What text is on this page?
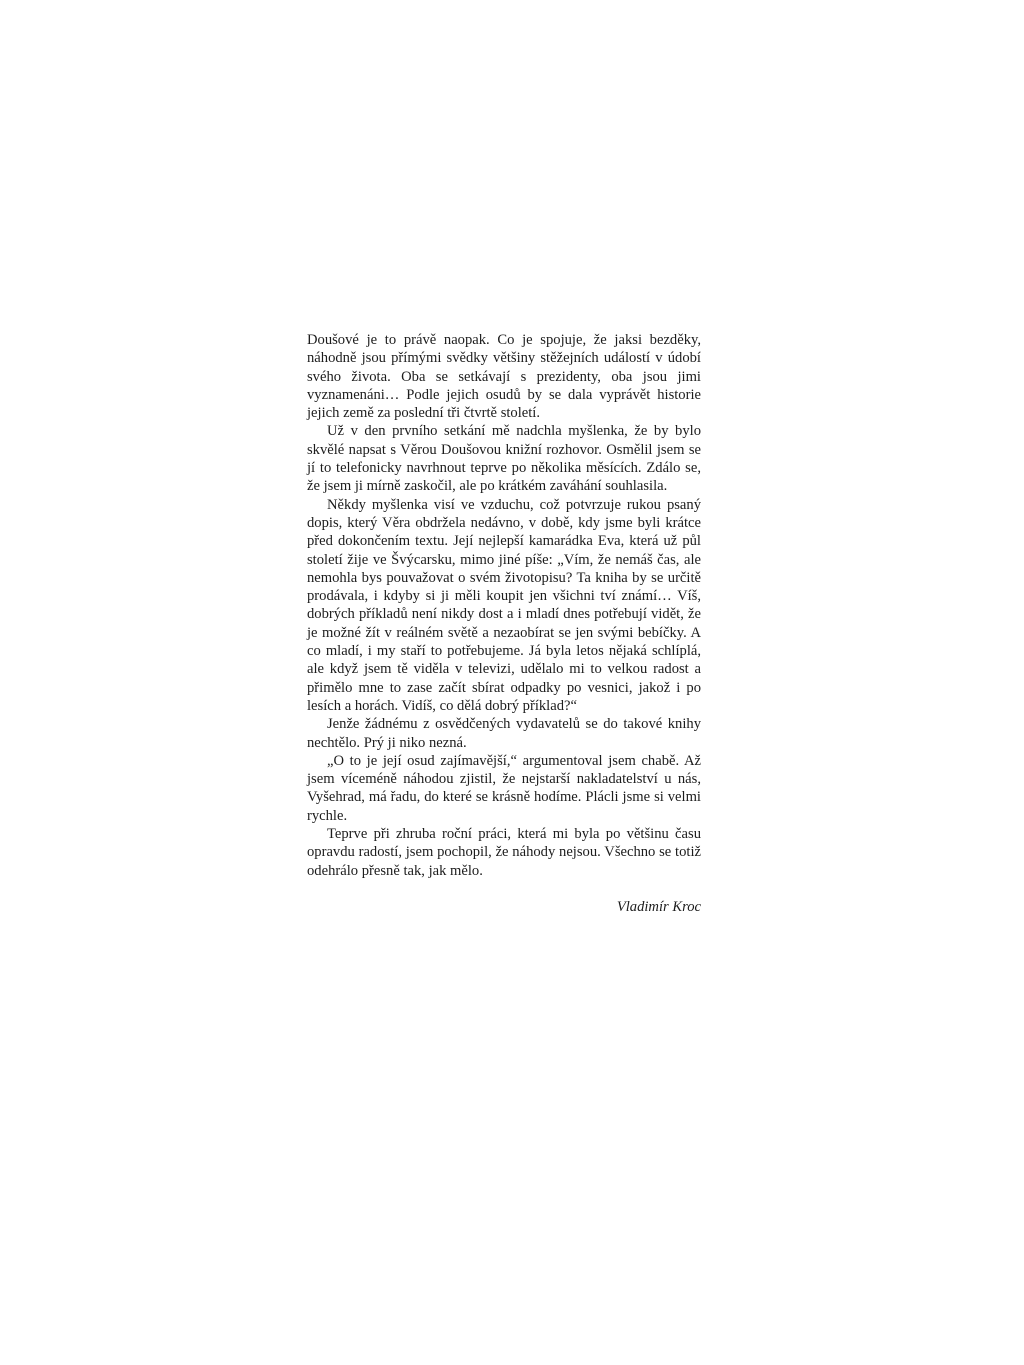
Doušové je to právě naopak. Co je spojuje, že jaksi bezděky, náhodně jsou přímými svědky většiny stěžejních událostí v údobí svého života. Oba se setkávají s prezidenty, oba jsou jimi vyznamenáni… Podle jejich osudů by se dala vyprávět historie jejich země za poslední tři čtvrtě století.

Už v den prvního setkání mě nadchla myšlenka, že by bylo skvělé napsat s Věrou Doušovou knižní rozhovor. Osmělil jsem se jí to telefonicky navrhnout teprve po několika měsících. Zdálo se, že jsem ji mírně zaskočil, ale po krátkém zaváhání souhlasila.

Někdy myšlenka visí ve vzduchu, což potvrzuje rukou psaný dopis, který Věra obdržela nedávno, v době, kdy jsme byli krátce před dokončením textu. Její nejlepší kamarádka Eva, která už půl století žije ve Švýcarsku, mimo jiné píše: „Vím, že nemáš čas, ale nemohla bys pouvažovat o svém životopisu? Ta kniha by se určitě prodávala, i kdyby si ji měli koupit jen všichni tví známí… Víš, dobrých příkladů není nikdy dost a i mladí dnes potřebují vidět, že je možné žít v reálném světě a nezaobírat se jen svými bebíčky. A co mladí, i my staří to potřebujeme. Já byla letos nějaká schlíplá, ale když jsem tě viděla v televizi, udělalo mi to velkou radost a přimělo mne to zase začít sbírat odpadky po vesnici, jakož i po lesích a horách. Vidíš, co dělá dobrý příklad?“

Jenže žádnému z osvědčených vydavatelů se do takové knihy nechtělo. Prý ji niko nezná.

„O to je její osud zajímavější,“ argumentoval jsem chabě. Až jsem víceméně náhodou zjistil, že nejstarší nakladatelství u nás, Vyšehrad, má řadu, do které se krásně hodíme. Plácli jsme si velmi rychle.

Teprve při zhruba roční práci, která mi byla po většinu času opravdu radostí, jsem pochopil, že náhody nejsou. Všechno se totiž odehrálo přesně tak, jak mělo.

Vladimír Kroc
